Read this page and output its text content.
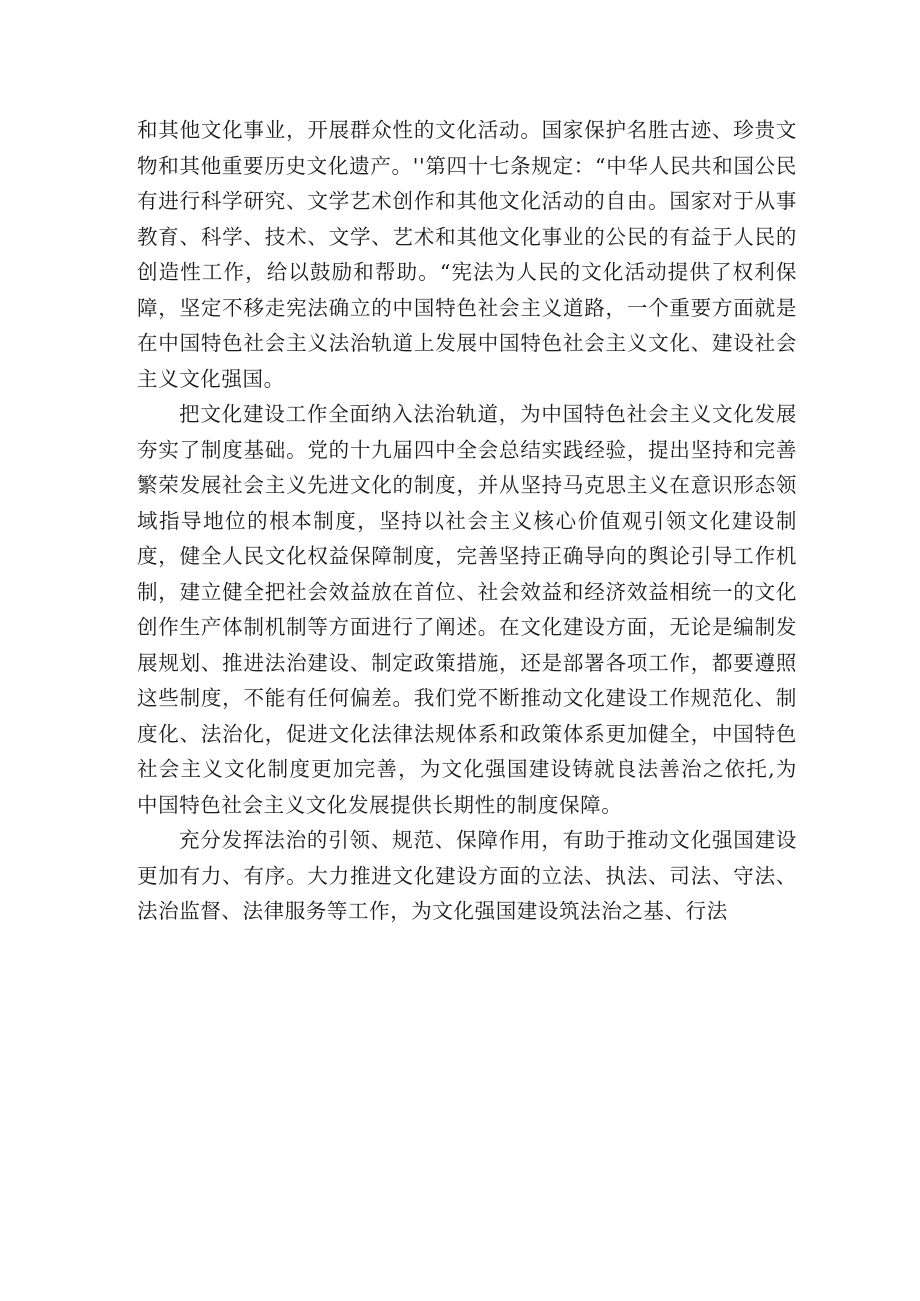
和其他文化事业，开展群众性的文化活动。国家保护名胜古迹、珍贵文物和其他重要历史文化遗产。''第四十七条规定：“中华人民共和国公民有进行科学研究、文学艺术创作和其他文化活动的自由。国家对于从事教育、科学、技术、文学、艺术和其他文化事业的公民的有益于人民的创造性工作，给以鼓励和帮助。“宪法为人民的文化活动提供了权利保障，坚定不移走宪法确立的中国特色社会主义道路，一个重要方面就是在中国特色社会主义法治轨道上发展中国特色社会主义文化、建设社会主义文化强国。

把文化建设工作全面纳入法治轨道，为中国特色社会主义文化发展夯实了制度基础。党的十九届四中全会总结实践经验，提出坚持和完善繁荣发展社会主义先进文化的制度，并从坚持马克思主义在意识形态领域指导地位的根本制度，坚持以社会主义核心价值观引领文化建设制度，健全人民文化权益保障制度，完善坚持正确导向的舆论引导工作机制，建立健全把社会效益放在首位、社会效益和经济效益相统一的文化创作生产体制机制等方面进行了阐述。在文化建设方面，无论是编制发展规划、推进法治建设、制定政策措施，还是部署各项工作，都要遵照这些制度，不能有任何偏差。我们党不断推动文化建设工作规范化、制度化、法治化，促进文化法律法规体系和政策体系更加健全，中国特色社会主义文化制度更加完善，为文化强国建设铸就良法善治之依托,为中国特色社会主义文化发展提供长期性的制度保障。

充分发挥法治的引领、规范、保障作用，有助于推动文化强国建设更加有力、有序。大力推进文化建设方面的立法、执法、司法、守法、法治监督、法律服务等工作，为文化强国建设筑法治之基、行法
